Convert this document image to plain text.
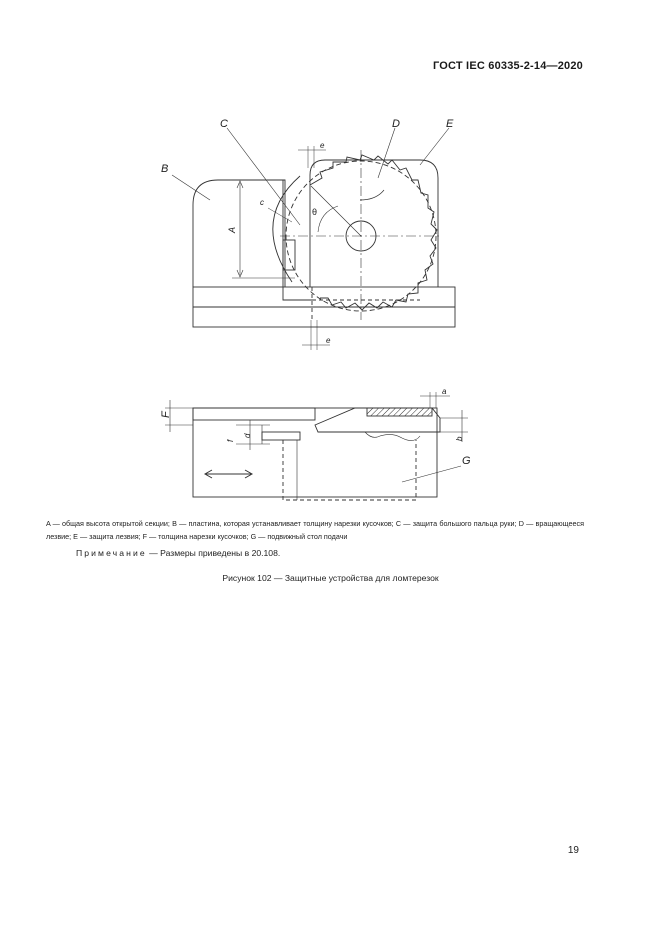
ГОСТ IEC 60335-2-14—2020
C	D	E
B
A
c
e
e
θ
F
G
a
b
d
f
A — общая высота открытой секции; B — пластина, которая устанавливает толщину нарезки кусочков; C — защита большого пальца руки; D — вращающееся лезвие; E — защита лезвия; F — толщина нарезки кусочков; G — подвижный стол подачи
Примечание — Размеры приведены в 20.108.
Рисунок 102 — Защитные устройства для ломтерезок
19
